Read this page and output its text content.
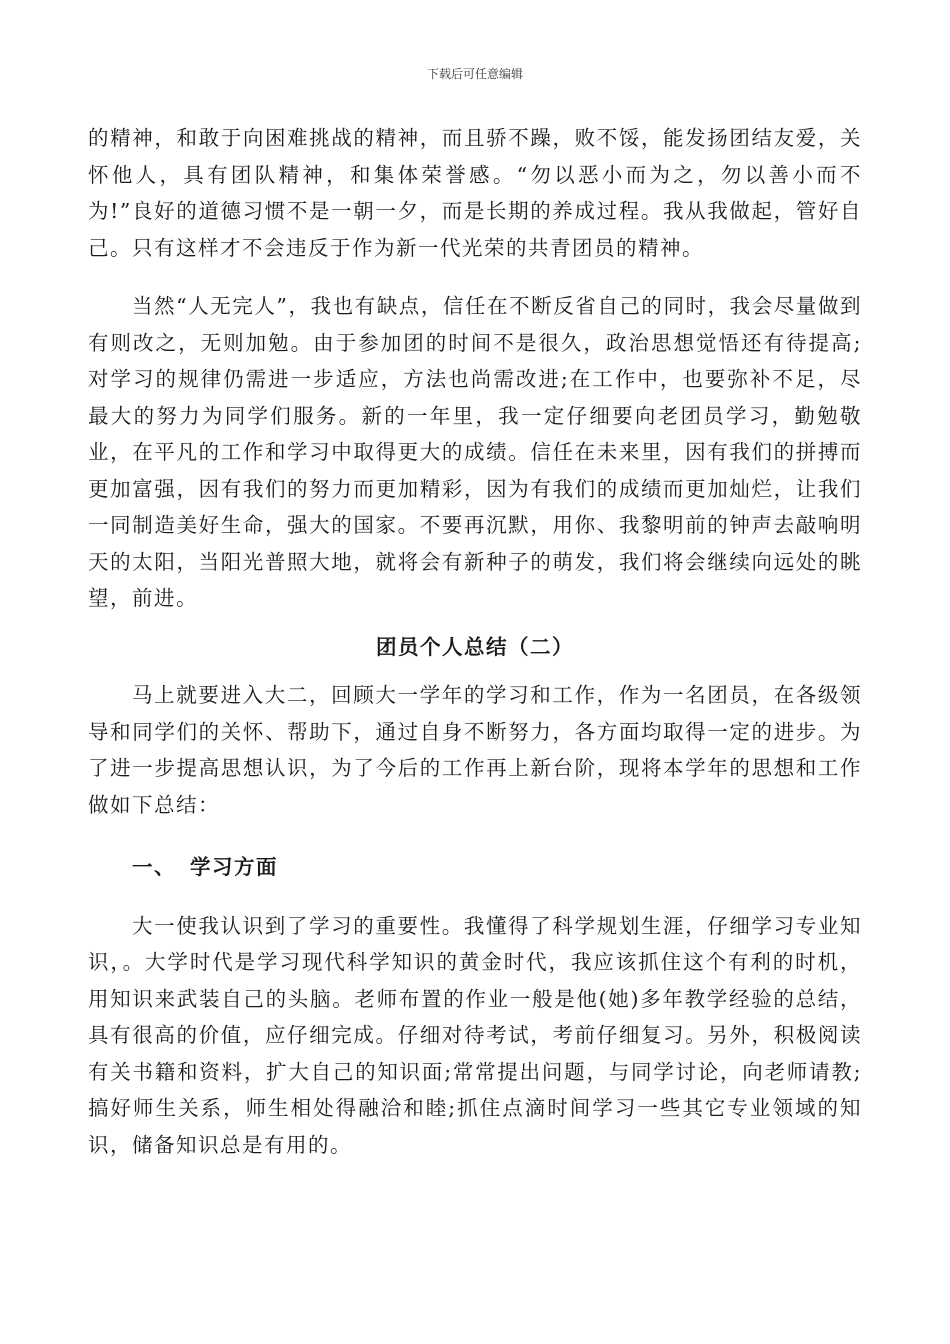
下载后可任意编辑

的精神，和敢于向困难挑战的精神，而且骄不躁，败不馁，能发扬团结友爱，关怀他人，具有团队精神，和集体荣誉感。“勿以恶小而为之，勿以善小而不为!”良好的道德习惯不是一朝一夕，而是长期的养成过程。我从我做起，管好自己。只有这样才不会违反于作为新一代光荣的共青团员的精神。

当然“人无完人”，我也有缺点，信任在不断反省自己的同时，我会尽量做到有则改之，无则加勉。由于参加团的时间不是很久，政治思想觉悟还有待提高;对学习的规律仍需进一步适应，方法也尚需改进;在工作中，也要弥补不足，尽最大的努力为同学们服务。新的一年里，我一定仔细要向老团员学习，勤勉敬业，在平凡的工作和学习中取得更大的成绩。信任在未来里，因有我们的拼搏而更加富强，因有我们的努力而更加精彩，因为有我们的成绩而更加灿烂，让我们一同制造美好生命，强大的国家。不要再沉默，用你、我黎明前的钟声去敲响明天的太阳，当阳光普照大地，就将会有新种子的萌发，我们将会继续向远处的眺望，前进。

团员个人总结（二）

马上就要进入大二，回顾大一学年的学习和工作，作为一名团员，在各级领导和同学们的关怀、帮助下，通过自身不断努力，各方面均取得一定的进步。为了进一步提高思想认识，为了今后的工作再上新台阶，现将本学年的思想和工作做如下总结：

一、 学习方面

大一使我认识到了学习的重要性。我懂得了科学规划生涯，仔细学习专业知识，。大学时代是学习现代科学知识的黄金时代，我应该抓住这个有利的时机，用知识来武装自己的头脑。老师布置的作业一般是他(她)多年教学经验的总结，具有很高的价值，应仔细完成。仔细对待考试，考前仔细复习。另外，积极阅读有关书籍和资料，扩大自己的知识面;常常提出问题，与同学讨论，向老师请教;搞好师生关系，师生相处得融洽和睦;抓住点滴时间学习一些其它专业领域的知识，储备知识总是有用的。
